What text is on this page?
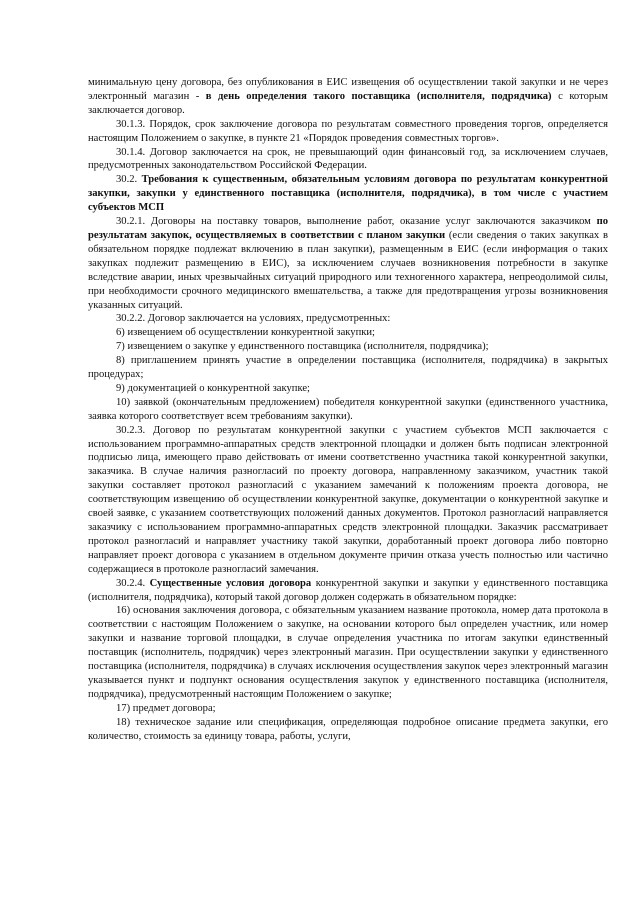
минимальную цену договора, без опубликования в ЕИС извещения об осуществлении такой закупки и не через электронный магазин - в день определения такого поставщика (исполнителя, подрядчика) с которым заключается договор.

30.1.3. Порядок, срок заключение договора по результатам совместного проведения торгов, определяется настоящим Положением о закупке, в пункте 21 «Порядок проведения совместных торгов».

30.1.4. Договор заключается на срок, не превышающий один финансовый год, за исключением случаев, предусмотренных законодательством Российской Федерации.

30.2. Требования к существенным, обязательным условиям договора по результатам конкурентной закупки, закупки у единственного поставщика (исполнителя, подрядчика), в том числе с участием субъектов МСП

30.2.1. Договоры на поставку товаров, выполнение работ, оказание услуг заключаются заказчиком по результатам закупок, осуществляемых в соответствии с планом закупки (если сведения о таких закупках в обязательном порядке подлежат включению в план закупки), размещенным в ЕИС (если информация о таких закупках подлежит размещению в ЕИС), за исключением случаев возникновения потребности в закупке вследствие аварии, иных чрезвычайных ситуаций природного или техногенного характера, непреодолимой силы, при необходимости срочного медицинского вмешательства, а также для предотвращения угрозы возникновения указанных ситуаций.

30.2.2. Договор заключается на условиях, предусмотренных:

6) извещением об осуществлении конкурентной закупки;

7) извещением о закупке у единственного поставщика (исполнителя, подрядчика);

8) приглашением принять участие в определении поставщика (исполнителя, подрядчика) в закрытых процедурах;

9) документацией о конкурентной закупке;

10) заявкой (окончательным предложением) победителя конкурентной закупки (единственного участника, заявка которого соответствует всем требованиям закупки).

30.2.3. Договор по результатам конкурентной закупки с участием субъектов МСП заключается с использованием программно-аппаратных средств электронной площадки и должен быть подписан электронной подписью лица, имеющего право действовать от имени соответственно участника такой конкурентной закупки, заказчика. В случае наличия разногласий по проекту договора, направленному заказчиком, участник такой закупки составляет протокол разногласий с указанием замечаний к положениям проекта договора, не соответствующим извещению об осуществлении конкурентной закупке, документации о конкурентной закупке и своей заявке, с указанием соответствующих положений данных документов. Протокол разногласий направляется заказчику с использованием программно-аппаратных средств электронной площадки. Заказчик рассматривает протокол разногласий и направляет участнику такой закупки, доработанный проект договора либо повторно направляет проект договора с указанием в отдельном документе причин отказа учесть полностью или частично содержащиеся в протоколе разногласий замечания.

30.2.4. Существенные условия договора конкурентной закупки и закупки у единственного поставщика (исполнителя, подрядчика), который такой договор должен содержать в обязательном порядке:

16) основания заключения договора, с обязательным указанием название протокола, номер дата протокола в соответствии с настоящим Положением о закупке, на основании которого был определен участник, или номер закупки и название торговой площадки, в случае определения участника по итогам закупки единственный поставщик (исполнитель, подрядчик) через электронный магазин. При осуществлении закупки у единственного поставщика (исполнителя, подрядчика) в случаях исключения осуществления закупок через электронный магазин указывается пункт и подпункт основания осуществления закупок у единственного поставщика (исполнителя, подрядчика), предусмотренный настоящим Положением о закупке;

17) предмет договора;

18) техническое задание или спецификация, определяющая подробное описание предмета закупки, его количество, стоимость за единицу товара, работы, услуги,
